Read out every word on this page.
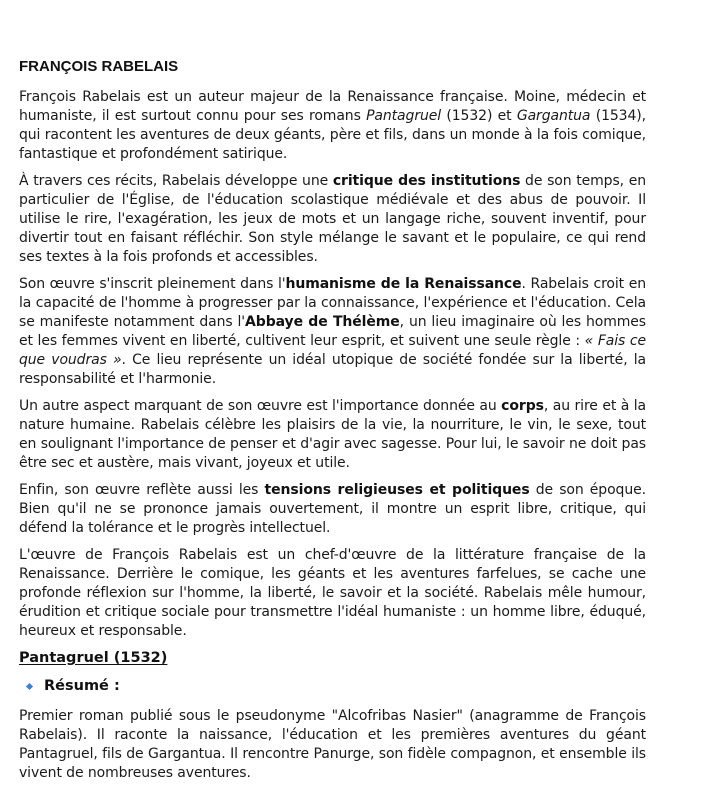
FRANÇOIS RABELAIS

François Rabelais est un auteur majeur de la Renaissance française. Moine, médecin et humaniste, il est surtout connu pour ses romans Pantagruel (1532) et Gargantua (1534), qui racontent les aventures de deux géants, père et fils, dans un monde à la fois comique, fantastique et profondément satirique.

À travers ces récits, Rabelais développe une critique des institutions de son temps, en particulier de l'Église, de l'éducation scolastique médiévale et des abus de pouvoir. Il utilise le rire, l'exagération, les jeux de mots et un langage riche, souvent inventif, pour divertir tout en faisant réfléchir. Son style mélange le savant et le populaire, ce qui rend ses textes à la fois profonds et accessibles.

Son œuvre s'inscrit pleinement dans l'humanisme de la Renaissance. Rabelais croit en la capacité de l'homme à progresser par la connaissance, l'expérience et l'éducation. Cela se manifeste notamment dans l'Abbaye de Thélème, un lieu imaginaire où les hommes et les femmes vivent en liberté, cultivent leur esprit, et suivent une seule règle : « Fais ce que voudras ». Ce lieu représente un idéal utopique de société fondée sur la liberté, la responsabilité et l'harmonie.

Un autre aspect marquant de son œuvre est l'importance donnée au corps, au rire et à la nature humaine. Rabelais célèbre les plaisirs de la vie, la nourriture, le vin, le sexe, tout en soulignant l'importance de penser et d'agir avec sagesse. Pour lui, le savoir ne doit pas être sec et austère, mais vivant, joyeux et utile.

Enfin, son œuvre reflète aussi les tensions religieuses et politiques de son époque. Bien qu'il ne se prononce jamais ouvertement, il montre un esprit libre, critique, qui défend la tolérance et le progrès intellectuel.

L'œuvre de François Rabelais est un chef-d'œuvre de la littérature française de la Renaissance. Derrière le comique, les géants et les aventures farfelues, se cache une profonde réflexion sur l'homme, la liberté, le savoir et la société. Rabelais mêle humour, érudition et critique sociale pour transmettre l'idéal humaniste : un homme libre, éduqué, heureux et responsable.

Pantagruel (1532)
Résumé :

Premier roman publié sous le pseudonyme "Alcofribas Nasier" (anagramme de François Rabelais). Il raconte la naissance, l'éducation et les premières aventures du géant Pantagruel, fils de Gargantua. Il rencontre Panurge, son fidèle compagnon, et ensemble ils vivent de nombreuses aventures.
